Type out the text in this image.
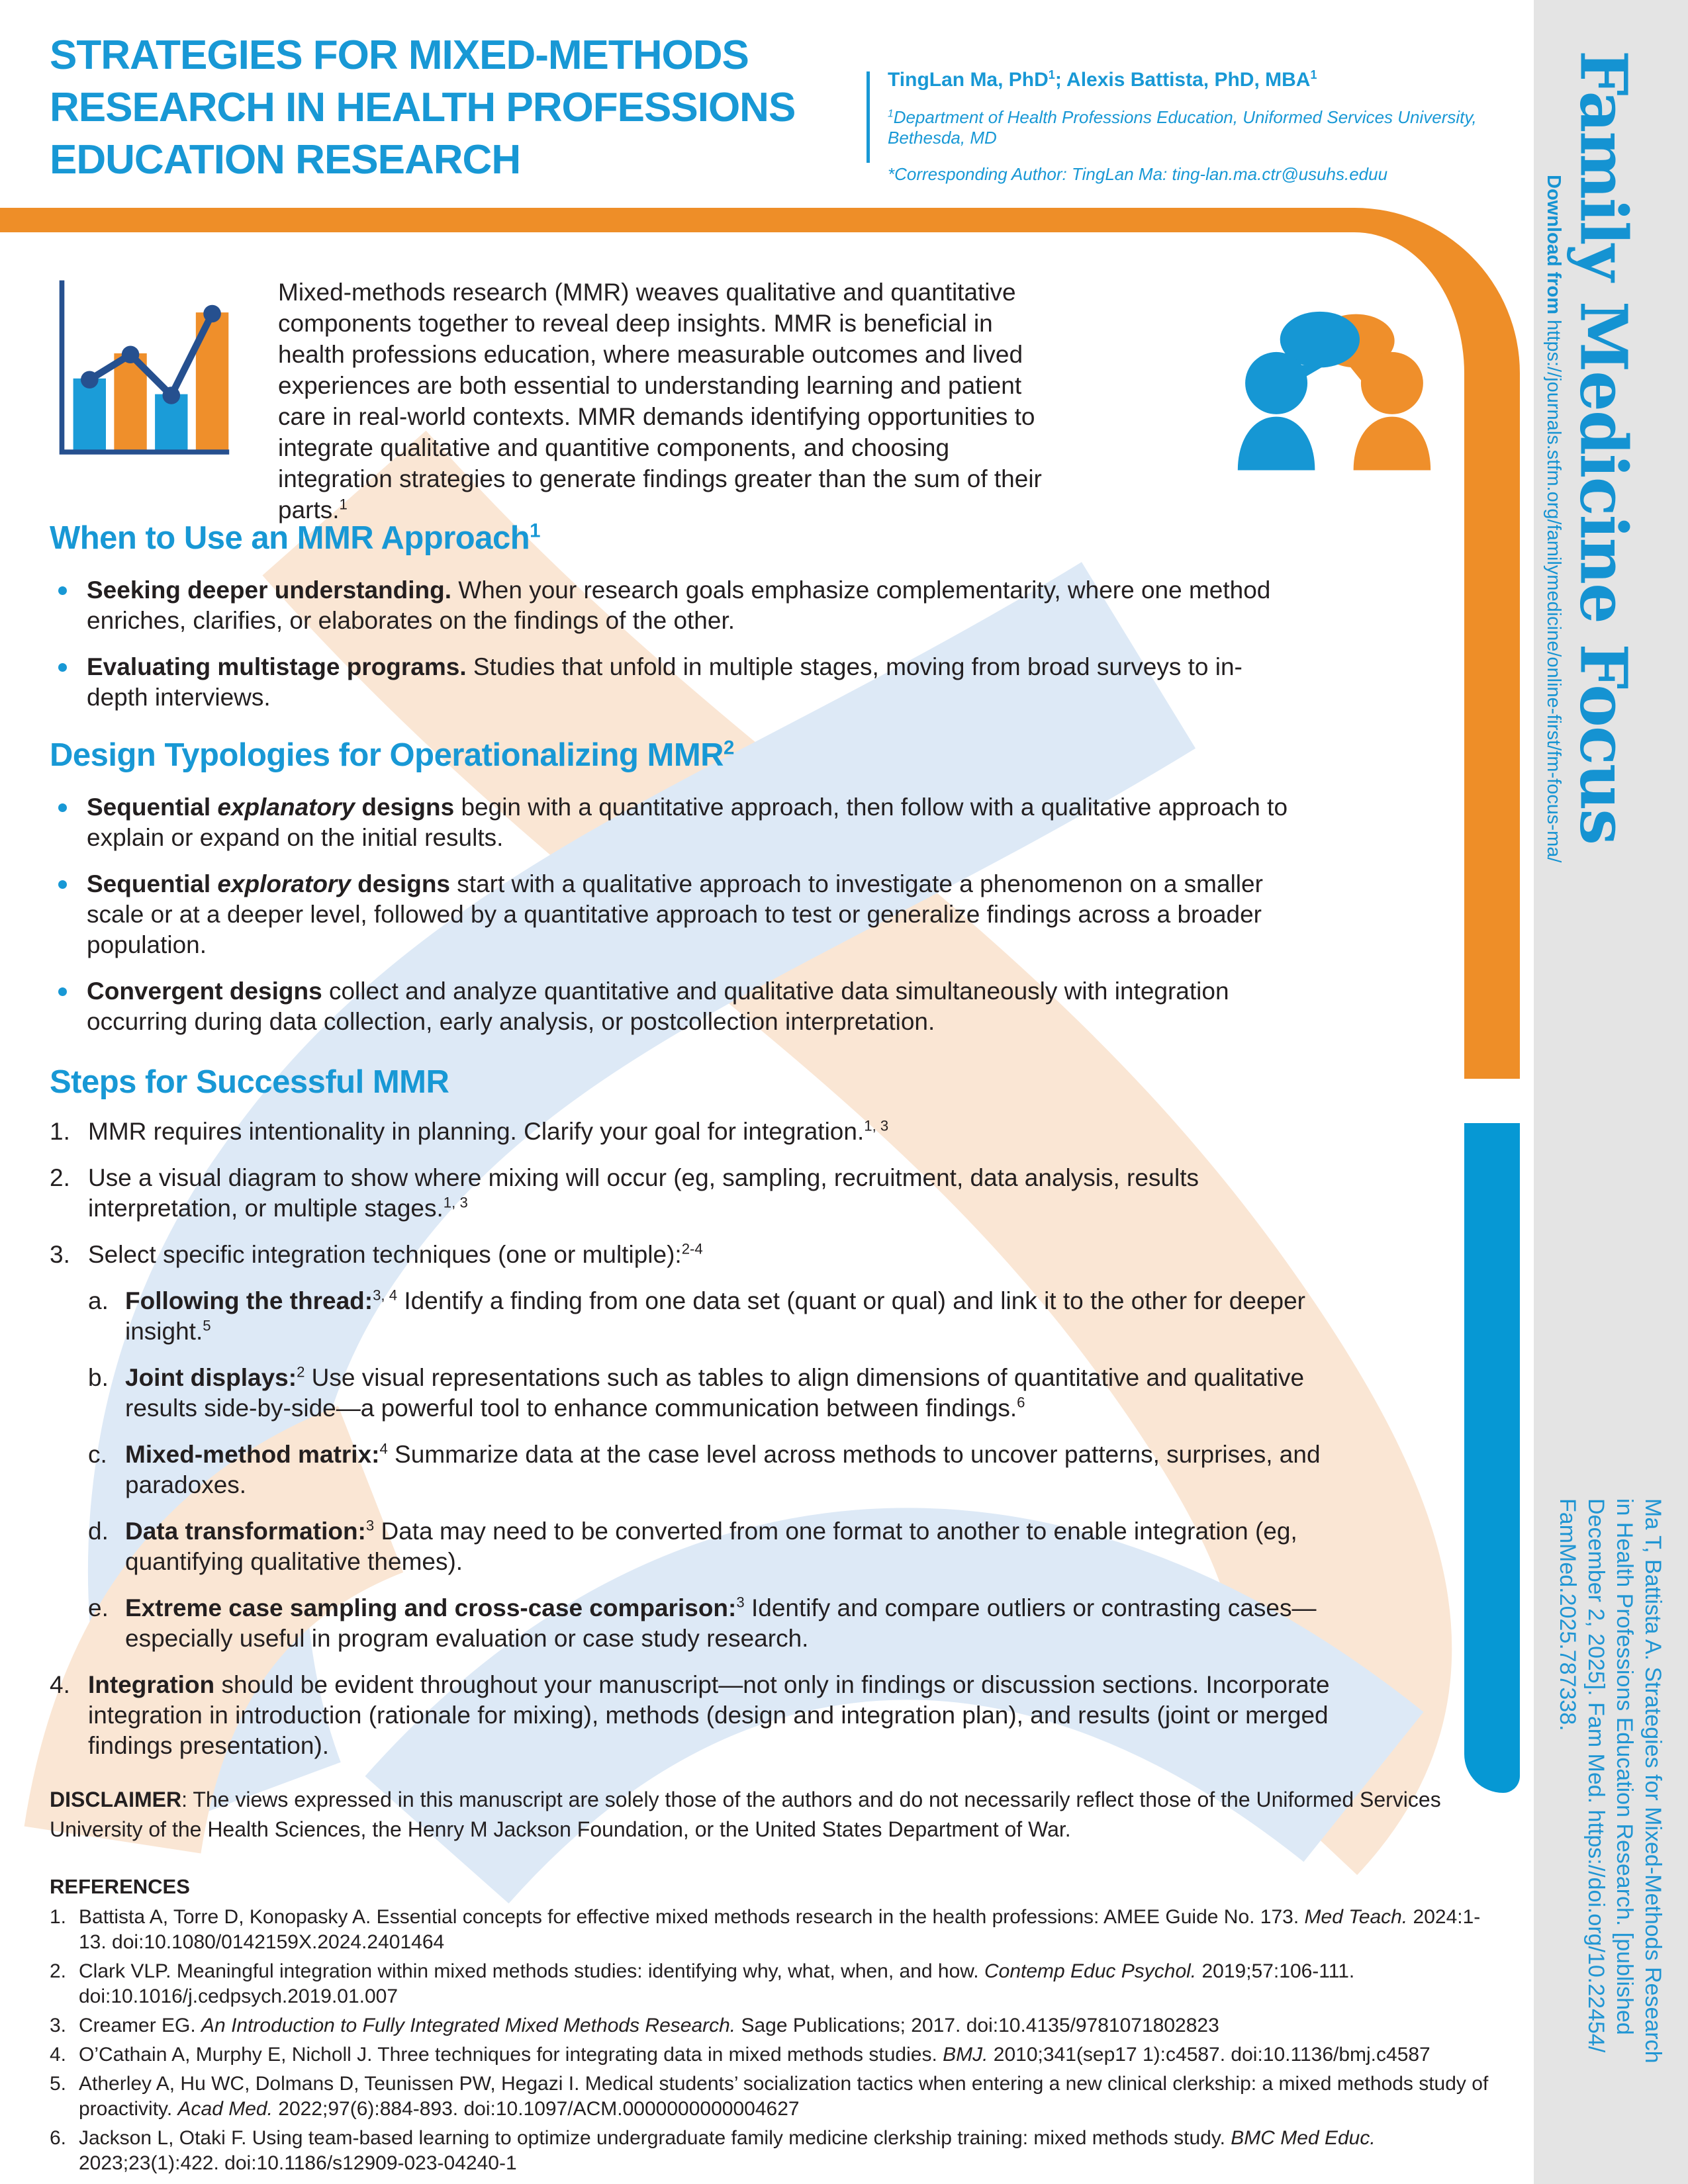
Family Medicine Focus
Download from https://journals.stfm.org/familymedicine/online-first/fm-focus-ma/
Ma T, Battista A. Strategies for Mixed-Methods Research
in Health Professions Education Research. [published
December 2, 2025]. Fam Med. https://doi.org/10.22454/
FamMed.2025.787338.
STRATEGIES FOR MIXED-METHODS
RESEARCH IN HEALTH PROFESSIONS
EDUCATION RESEARCH
TingLan Ma, PhD$^1$; Alexis Battista, PhD, MBA$^1$
$^1$Department of Health Professions Education, Uniformed Services University, Bethesda, MD
*Corresponding Author: TingLan Ma: ting-lan.ma.ctr@usuhs.eduu
Mixed-methods research (MMR) weaves qualitative and quantitative components together to reveal deep insights. MMR is beneficial in health professions education, where measurable outcomes and lived experiences are both essential to understanding learning and patient care in real-world contexts. MMR demands identifying opportunities to integrate qualitative and quantitive components, and choosing integration strategies to generate findings greater than the sum of their parts.$^1$
When to Use an MMR Approach$^1$
Seeking deeper understanding. When your research goals emphasize complementarity, where one method enriches, clarifies, or elaborates on the findings of the other.
Evaluating multistage programs. Studies that unfold in multiple stages, moving from broad surveys to in-depth interviews.
Design Typologies for Operationalizing MMR$^2$
Sequential explanatory designs begin with a quantitative approach, then follow with a qualitative approach to explain or expand on the initial results.
Sequential exploratory designs start with a qualitative approach to investigate a phenomenon on a smaller scale or at a deeper level, followed by a quantitative approach to test or generalize findings across a broader population.
Convergent designs collect and analyze quantitative and qualitative data simultaneously with integration occurring during data collection, early analysis, or postcollection interpretation.
Steps for Successful MMR
1. MMR requires intentionality in planning. Clarify your goal for integration.$^{1, 3}$
2. Use a visual diagram to show where mixing will occur (eg, sampling, recruitment, data analysis, results interpretation, or multiple stages.$^{1, 3}$
3. Select specific integration techniques (one or multiple):$^{2-4}$
a. Following the thread:$^{3, 4}$ Identify a finding from one data set (quant or qual) and link it to the other for deeper insight.$^5$
b. Joint displays:$^2$ Use visual representations such as tables to align dimensions of quantitative and qualitative results side-by-side—a powerful tool to enhance communication between findings.$^6$
c. Mixed-method matrix:$^4$ Summarize data at the case level across methods to uncover patterns, surprises, and paradoxes.
d. Data transformation:$^3$ Data may need to be converted from one format to another to enable integration (eg, quantifying qualitative themes).
e. Extreme case sampling and cross-case comparison:$^3$ Identify and compare outliers or contrasting cases—especially useful in program evaluation or case study research.
4. Integration should be evident throughout your manuscript—not only in findings or discussion sections. Incorporate integration in introduction (rationale for mixing), methods (design and integration plan), and results (joint or merged findings presentation).
DISCLAIMER: The views expressed in this manuscript are solely those of the authors and do not necessarily reflect those of the Uniformed Services University of the Health Sciences, the Henry M Jackson Foundation, or the United States Department of War.
REFERENCES
1. Battista A, Torre D, Konopasky A. Essential concepts for effective mixed methods research in the health professions: AMEE Guide No. 173. Med Teach. 2024:1-13. doi:10.1080/0142159X.2024.2401464
2. Clark VLP. Meaningful integration within mixed methods studies: identifying why, what, when, and how. Contemp Educ Psychol. 2019;57:106-111. doi:10.1016/j.cedpsych.2019.01.007
3. Creamer EG. An Introduction to Fully Integrated Mixed Methods Research. Sage Publications; 2017. doi:10.4135/9781071802823
4. O’Cathain A, Murphy E, Nicholl J. Three techniques for integrating data in mixed methods studies. BMJ. 2010;341(sep17 1):c4587. doi:10.1136/bmj.c4587
5. Atherley A, Hu WC, Dolmans D, Teunissen PW, Hegazi I. Medical students’ socialization tactics when entering a new clinical clerkship: a mixed methods study of proactivity. Acad Med. 2022;97(6):884-893. doi:10.1097/ACM.0000000000004627
6. Jackson L, Otaki F. Using team-based learning to optimize undergraduate family medicine clerkship training: mixed methods study. BMC Med Educ. 2023;23(1):422. doi:10.1186/s12909-023-04240-1
